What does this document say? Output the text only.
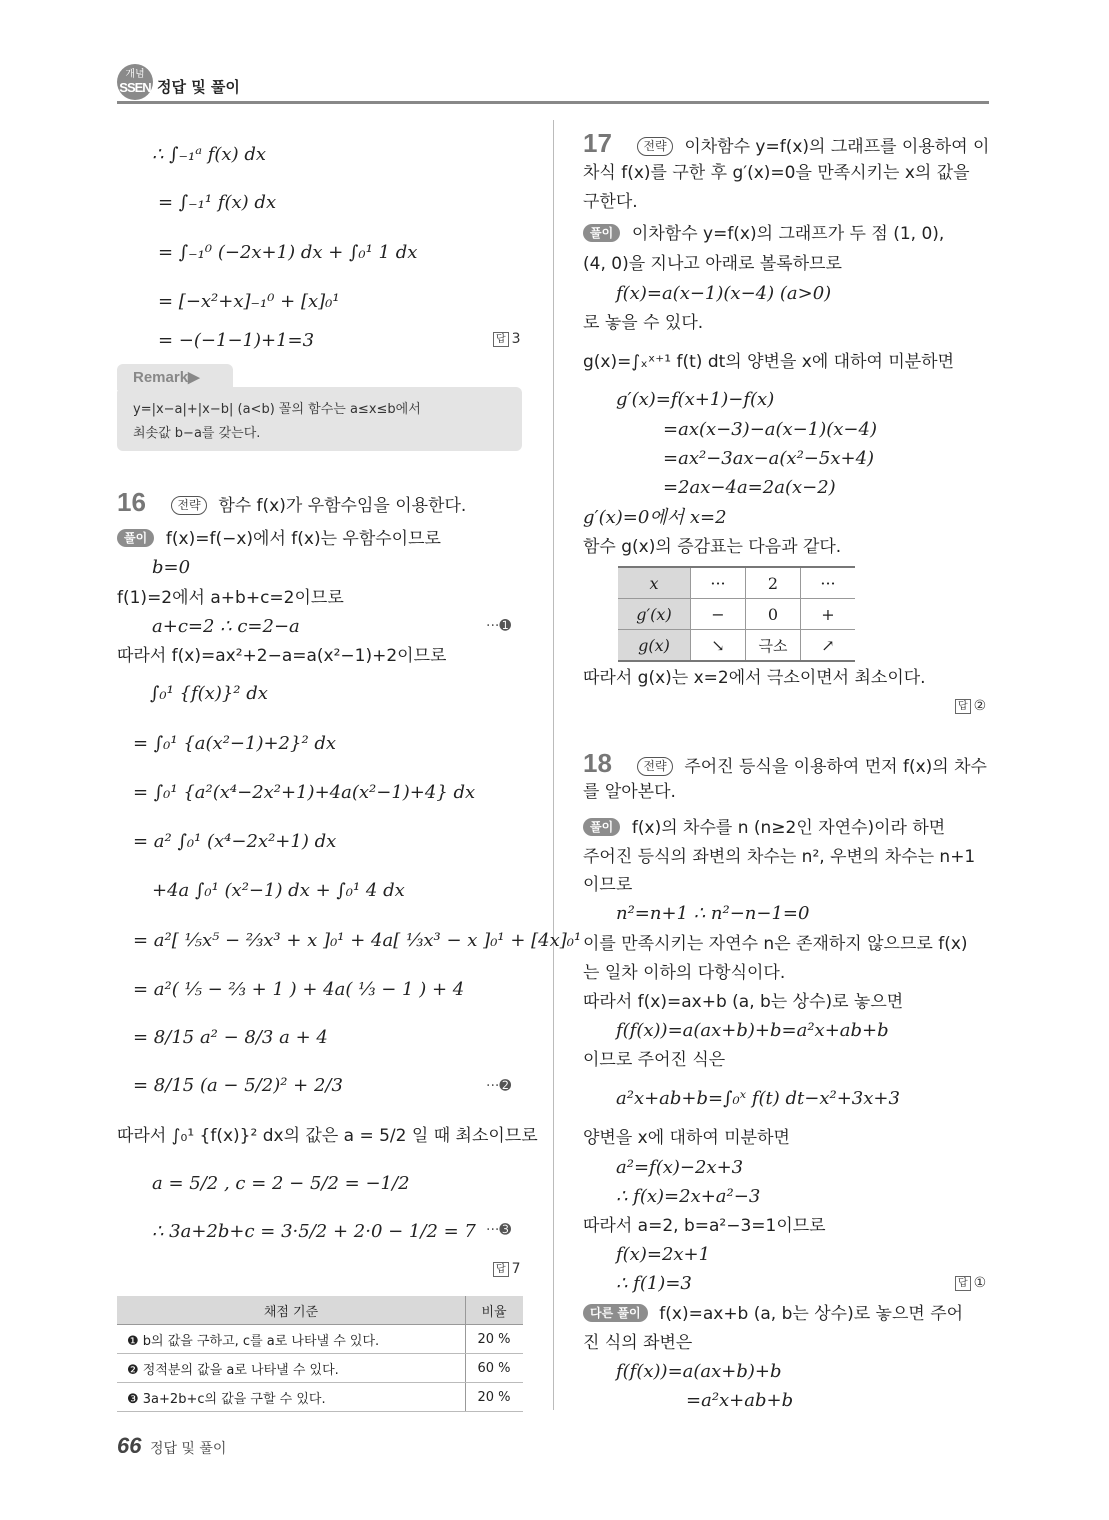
개념
SSEN 정답 및 풀이
∴ ∫₋₁ᵃ f(x) dx
= ∫₋₁¹ f(x) dx
= ∫₋₁⁰ (−2x+1) dx + ∫₀¹ 1 dx
= [−x²+x]₋₁⁰ + [x]₀¹
= −(−1−1)+1=3	답 3
Remark▶
y=|x−a|+|x−b| (a<b) 꼴의 함수는 a≤x≤b에서
최솟값 b−a를 갖는다.
16	전략 함수 f(x)가 우함수임을 이용한다.
풀이 f(x)=f(−x)에서 f(x)는 우함수이므로
b=0
f(1)=2에서 a+b+c=2이므로
a+c=2 ∴ c=2−a	···➊
따라서 f(x)=ax²+2−a=a(x²−1)+2이므로
∫₀¹ {f(x)}² dx
= ∫₀¹ {a(x²−1)+2}² dx
= ∫₀¹ {a²(x⁴−2x²+1)+4a(x²−1)+4} dx
= a² ∫₀¹ (x⁴−2x²+1) dx
+4a ∫₀¹ (x²−1) dx + ∫₀¹ 4 dx
= a²[ ⅕x⁵ − ⅔x³ + x ]₀¹ + 4a[ ⅓x³ − x ]₀¹ + [4x]₀¹
= a²( ⅕ − ⅔ + 1 ) + 4a( ⅓ − 1 ) + 4
= 8/15 a² − 8/3 a + 4
= 8/15 (a − 5/2)² + 2/3	···➋
따라서 ∫₀¹ {f(x)}² dx의 값은 a = 5/2 일 때 최소이므로
a = 5/2 , c = 2 − 5/2 = −1/2
∴ 3a+2b+c = 3·5/2 + 2·0 − 1/2 = 7 ···➌
답 7
채점 기준	비율
❶ b의 값을 구하고, c를 a로 나타낼 수 있다.	20 %
❷ 정적분의 값을 a로 나타낼 수 있다.	60 %
❸ 3a+2b+c의 값을 구할 수 있다.	20 %
17	전략 이차함수 y=f(x)의 그래프를 이용하여 이
차식 f(x)를 구한 후 g′(x)=0을 만족시키는 x의 값을
구한다.
풀이 이차함수 y=f(x)의 그래프가 두 점 (1, 0),
(4, 0)을 지나고 아래로 볼록하므로
f(x)=a(x−1)(x−4) (a>0)
로 놓을 수 있다.
g(x)=∫ₓˣ⁺¹ f(t) dt의 양변을 x에 대하여 미분하면
g′(x)=f(x+1)−f(x)
=ax(x−3)−a(x−1)(x−4)
=ax²−3ax−a(x²−5x+4)
=2ax−4a=2a(x−2)
g′(x)=0에서 x=2
함수 g(x)의 증감표는 다음과 같다.
x	···	2	···
g′(x)	−	0	+
g(x)	↘	극소	↗
따라서 g(x)는 x=2에서 극소이면서 최소이다.
답 ②
18	전략 주어진 등식을 이용하여 먼저 f(x)의 차수
를 알아본다.
풀이 f(x)의 차수를 n (n≥2인 자연수)이라 하면
주어진 등식의 좌변의 차수는 n², 우변의 차수는 n+1
이므로
n²=n+1 ∴ n²−n−1=0
이를 만족시키는 자연수 n은 존재하지 않으므로 f(x)
는 일차 이하의 다항식이다.
따라서 f(x)=ax+b (a, b는 상수)로 놓으면
f(f(x))=a(ax+b)+b=a²x+ab+b
이므로 주어진 식은
a²x+ab+b=∫₀ˣ f(t) dt−x²+3x+3
양변을 x에 대하여 미분하면
a²=f(x)−2x+3
∴ f(x)=2x+a²−3
따라서 a=2, b=a²−3=1이므로
f(x)=2x+1
∴ f(1)=3	답 ①
다른 풀이 f(x)=ax+b (a, b는 상수)로 놓으면 주어
진 식의 좌변은
f(f(x))=a(ax+b)+b
=a²x+ab+b
66 정답 및 풀이
